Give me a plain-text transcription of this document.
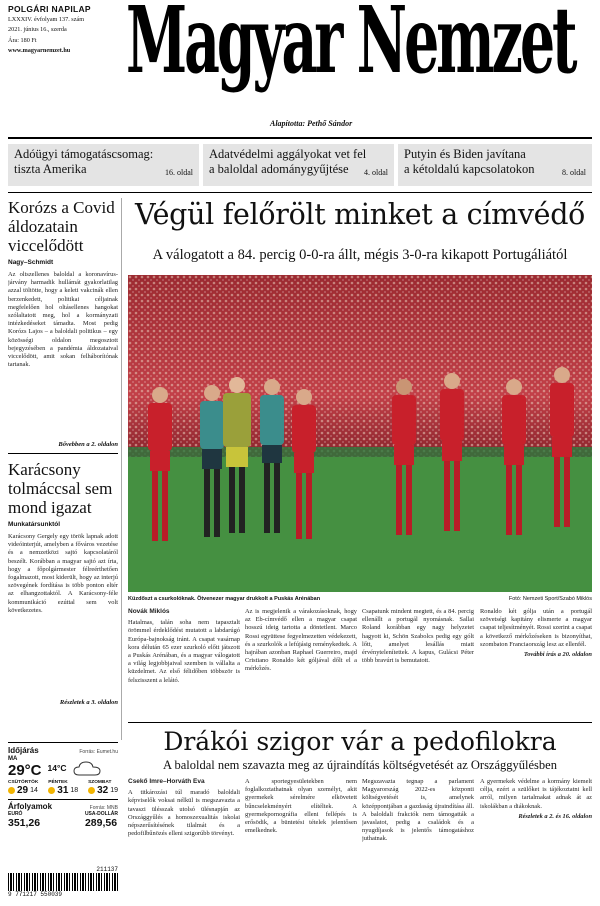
POLGÁRI NAPILAP
LXXXIV. évfolyam 137. szám
2021. június 16., szerda
Ára: 180 Ft
www.magyarnemzet.hu Magyar Nemzet
Alapította: Pethő Sándor
Adóügyi támogatáscsomag:
tiszta Amerika	16. oldal
Adatvédelmi aggályokat vet fel
a baloldal adománygyűjtése	4. oldal
Putyin és Biden javítana
a kétoldalú kapcsolatokon	8. oldal
Korózs a Covid áldozatain viccelődött
Nagy–Schmidt
Az oltszellenes baloldal a koronavírusjárvány harmadik hullámát gyakorlatilag azzal töltötte, hogy a keleti vakcinák ellen berzenkedett, politikai céljainak megfelelően hol oltásellenes hangokat szólaltatott meg, hol a kormányzati intézkedéseket támadta. Most pedig Korózs Lajos – a baloldali politikus – egy közösségi oldalon megosztott bejegyzésében a pandémia áldozataival viccelődött, amit sokan felháborítónak tartanak.
Bővebben a 2. oldalon
Karácsony tolmáccsal sem mond igazat
Munkatársunktól
Karácsony Gergely egy török lapnak adott videóinterjút, amelyben a főváros vezetése és a nemzetközi sajtó kapcsolatáról beszélt. Korábban a magyar sajtó azt írta, hogy a főpolgármester félreérthetően fogalmazott, most kiderült, hogy az interjú szövegének fordítása is több ponton eltér az elhangzottaktól. A Karácsony-féle kommunikáció ezúttal sem volt következetes.
Részletek a 3. oldalon
Időjárás	Forrás: Eumet.hu
MA
29°C 14°C
CSÜTÖRTÖK
29 14
PÉNTEK
31 18
SZOMBAT
32 19
Árfolyamok	Forrás: MNB
EURÓ
351,26
USA-DOLLÁR
289,56
211137
9 771217 550039
Végül felőrölt minket a címvédő
A válogatott a 84. percig 0-0-ra állt, mégis 3-0-ra kikapott Portugáliától
Küzdőszt a csurkolóknak. Ötvenezer magyar drukkolt a Puskás Arénában	Fotó: Nemzeti Sport/Szabó Miklós
Novák Miklós
Hatalmas, talán soha nem tapasztalt örömmel érdeklődést mutatott a labdarúgó Európa-bajnokság iránt. A csapat vasárnap kora délután 65 ezer szurkoló előtt játszott a Puskás Arénában, és a magyar válogatott a világ legjobbjaival szemben is vállalta a küzdelmet. Az első félidőben többször is felszisszent a lelátó.
Az is megjelenik a várakozásoknak, hogy az Eb-címvédő ellen a magyar csapat hosszú ideig tartotta a döntetlent. Marco Rossi együttese fegyelmezetten védekezett, és a szurkolók a lefújásig reménykedtek. A hajrában azonban Raphael Guerreiro, majd Cristiano Ronaldo két góljával dőlt el a mérkőzés.
Csapatunk mindent megtett, és a 84. percig ellenállt a portugál nyomásnak. Sallai Roland korábban egy nagy helyzetet hagyott ki, Schön Szabolcs pedig egy gólt lőtt, amelyet lesállás miatt érvénytelenítettek. A kapus, Gulácsi Péter több bravúrt is bemutatott.
Ronaldo két gólja után a portugál szövetségi kapitány elismerte a magyar csapat teljesítményét. Rossi szerint a csapat a következő mérkőzéseken is bizonyíthat, szombaton Franciaország lesz az ellenfél.
További írás a 20. oldalon
Drákói szigor vár a pedofilokra
A baloldal nem szavazta meg az újraindítás költségvetését az Országgyűlésben
Csekő Imre–Horváth Éva
A titkározási túl maradó baloldali képviselők voksai nélkül is megszavazta a tavaszi ülésszak utolsó ülésnapján az Országgyűlés a homoszexualitás iskolai népszerűsítésének tilalmát és a pedofilbűnözés elleni szigorúbb törvényt.
A sportegyesületekben nem foglalkoztathatnak olyan személyt, akit gyermekek sérelmére elkövetett bűncselekményért elítéltek. A gyermekpornográfia elleni fellépés is erősödik, a büntetési tételek jelentősen emelkednek.
Megszavazta tegnap a parlament Magyarország 2022-es központi költségvetését is, amelynek középpontjában a gazdaság újraindítása áll. A baloldali frakciók nem támogatták a javaslatot, pedig a családok és a nyugdíjasok is jelentős támogatáshoz juthatnak.
A gyermekek védelme a kormány kiemelt célja, ezért a szülőket is tájékoztatni kell arról, milyen tartalmakat adnak át az iskolákban a diákoknak.
Részletek a 2. és 16. oldalon
